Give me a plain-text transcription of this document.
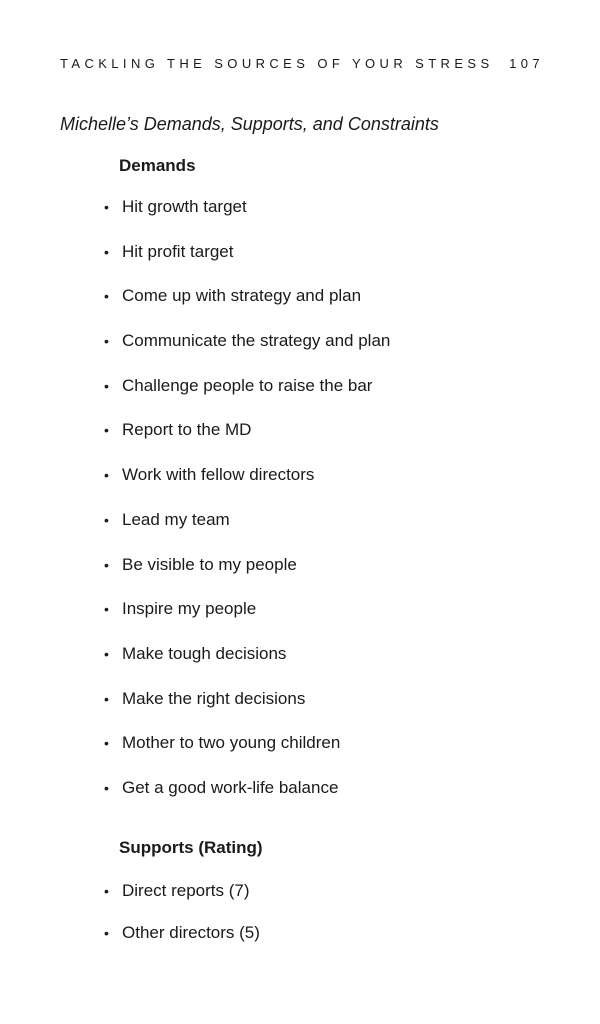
TACKLING THE SOURCES OF YOUR STRESS 107
Michelle’s Demands, Supports, and Constraints
Demands
• Hit growth target
• Hit profit target
• Come up with strategy and plan
• Communicate the strategy and plan
• Challenge people to raise the bar
• Report to the MD
• Work with fellow directors
• Lead my team
• Be visible to my people
• Inspire my people
• Make tough decisions
• Make the right decisions
• Mother to two young children
• Get a good work-life balance
Supports (Rating)
• Direct reports (7)
• Other directors (5)
